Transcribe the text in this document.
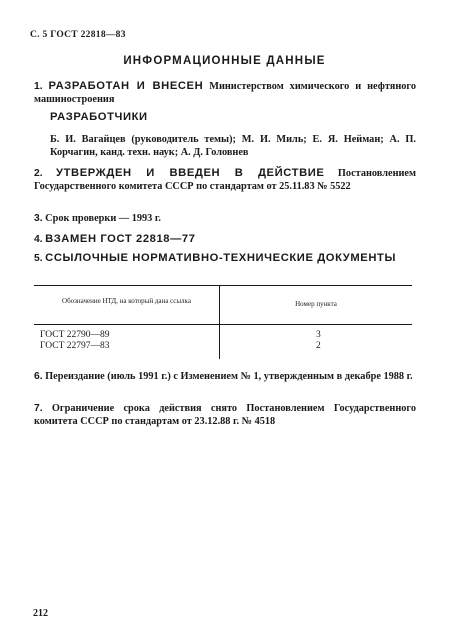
С. 5 ГОСТ 22818—83
ИНФОРМАЦИОННЫЕ ДАННЫЕ
1. РАЗРАБОТАН И ВНЕСЕН Министерством химического и нефтяного машиностроения
РАЗРАБОТЧИКИ
Б. И. Вагайцев (руководитель темы); М. И. Миль; Е. Я. Нейман; А. П. Корчагин, канд. техн. наук; А. Д. Головнев
2. УТВЕРЖДЕН И ВВЕДЕН В ДЕЙСТВИЕ Постановлением Государственного комитета СССР по стандартам от 25.11.83 № 5522
3. Срок проверки — 1993 г.
4. ВЗАМЕН ГОСТ 22818—77
5. ССЫЛОЧНЫЕ НОРМАТИВНО-ТЕХНИЧЕСКИЕ ДОКУМЕНТЫ
Обозначение НТД, на который дана ссылка	Номер пункта
ГОСТ 22790—89	3
ГОСТ 22797—83	2
6. Переиздание (июль 1991 г.) с Изменением № 1, утвержденным в декабре 1988 г.
7. Ограничение срока действия снято Постановлением Государственного комитета СССР по стандартам от 23.12.88 г. № 4518
212
